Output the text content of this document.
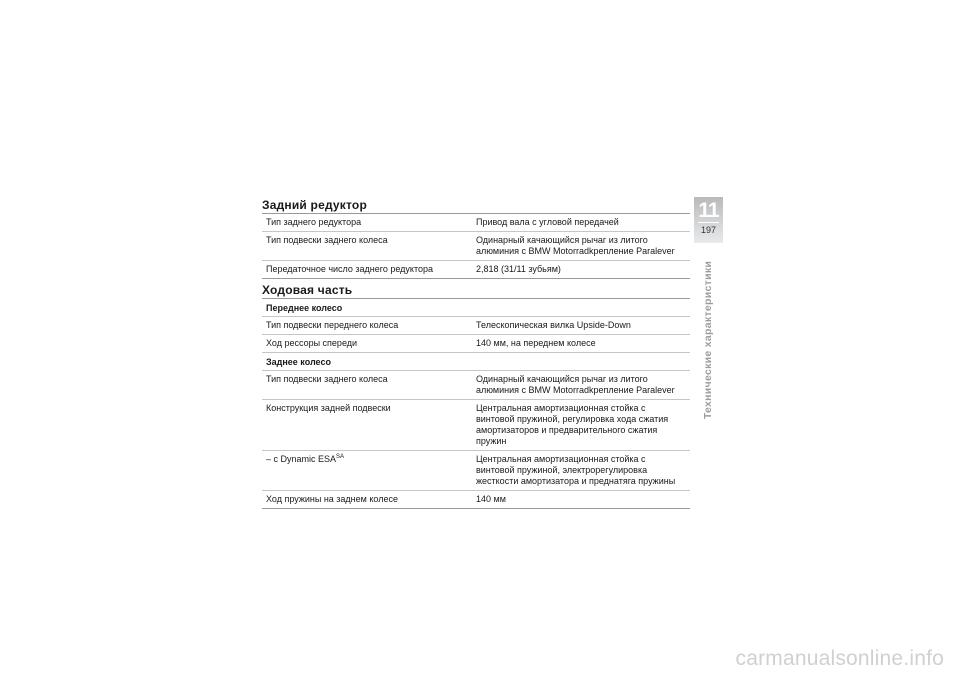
Задний редуктор
Тип заднего редуктора	Привод вала с угловой передачей
Тип подвески заднего колеса	Одинарный качающийся рычаг из литого алюминия с BMW Motorradkрепление Paralever
Передаточное число заднего редуктора	2,818 (31/11 зубьям)
Ходовая часть
Переднее колесо	
Тип подвески переднего колеса	Телескопическая вилка Upside-Down
Ход рессоры спереди	140 мм, на переднем колесе
Заднее колесо	
Тип подвески заднего колеса	Одинарный качающийся рычаг из литого алюминия с BMW Motorradkрепление Paralever
Конструкция задней подвески	Центральная амортизационная стойка с винтовой пружиной, регулировка хода сжатия амортизаторов и предварительного сжатия пружин
– с Dynamic $ESA^{SA}$	Центральная амортизационная стойка с винтовой пружиной, электрорегулировка жесткости амортизатора и преднатяга пружины
Ход пружины на заднем колесе	140 мм
11
197
Технические характеристики
carmanualsonline.info
